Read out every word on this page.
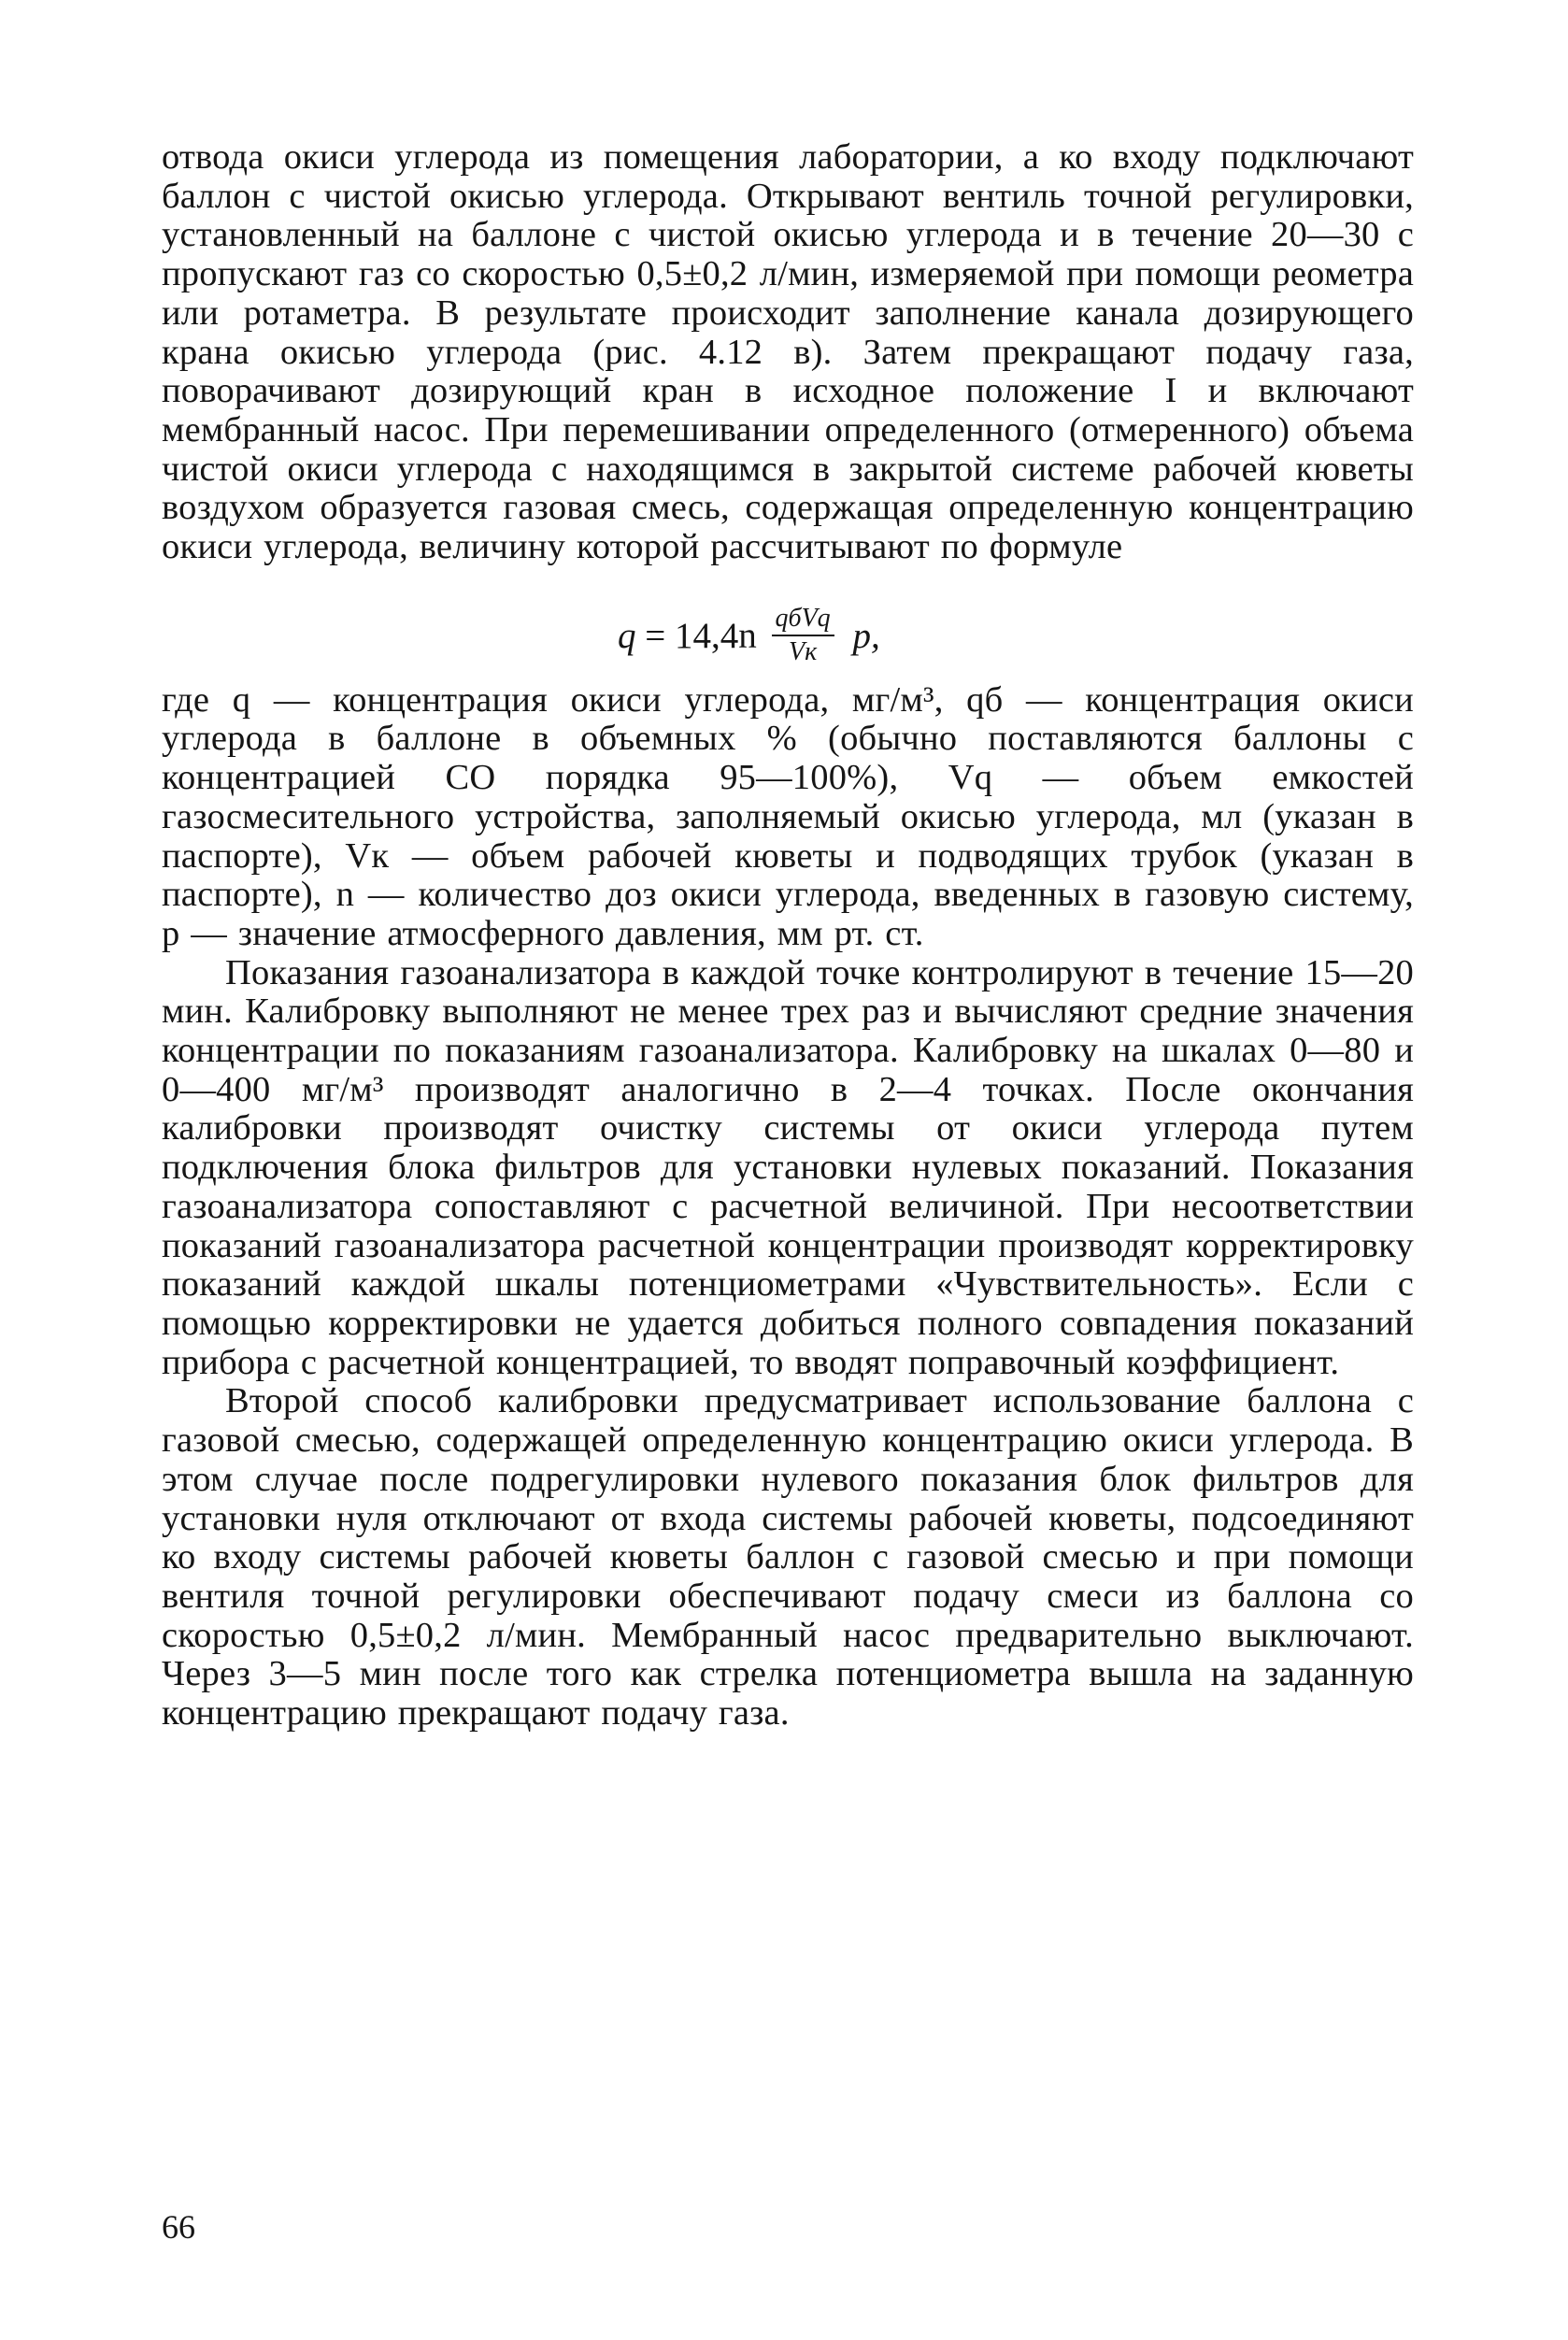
отвода окиси углерода из помещения лаборатории, а ко входу подключают баллон с чистой окисью углерода. Открывают вентиль точной регулировки, установленный на баллоне с чистой окисью углерода и в течение 20—30 с пропускают газ со скоростью 0,5±0,2 л/мин, измеряемой при помощи реометра или ротаметра. В результате происходит заполнение канала дозирующего крана окисью углерода (рис. 4.12 в). Затем прекращают подачу газа, поворачивают дозирующий кран в исходное положение I и включают мембранный насос. При перемешивании определенного (отмеренного) объема чистой окиси углерода с находящимся в закрытой системе рабочей кюветы воздухом образуется газовая смесь, содержащая определенную концентрацию окиси углерода, величину которой рассчитывают по формуле

$q = 14,4n \frac{\text{qбVq}}{Vк} p$,

где q — концентрация окиси углерода, мг/м³, qб — концентрация окиси углерода в баллоне в объемных % (обычно поставляются баллоны с концентрацией СО порядка 95—100%), Vq — объем емкостей газосмесительного устройства, заполняемый окисью углерода, мл (указан в паспорте), Vк — объем рабочей кюветы и подводящих трубок (указан в паспорте), n — количество доз окиси углерода, введенных в газовую систему, p — значение атмосферного давления, мм рт. ст.

Показания газоанализатора в каждой точке контролируют в течение 15—20 мин. Калибровку выполняют не менее трех раз и вычисляют средние значения концентрации по показаниям газоанализатора. Калибровку на шкалах 0—80 и 0—400 мг/м³ производят аналогично в 2—4 точках. После окончания калибровки производят очистку системы от окиси углерода путем подключения блока фильтров для установки нулевых показаний. Показания газоанализатора сопоставляют с расчетной величиной. При несоответствии показаний газоанализатора расчетной концентрации производят корректировку показаний каждой шкалы потенциометрами «Чувствительность». Если с помощью корректировки не удается добиться полного совпадения показаний прибора с расчетной концентрацией, то вводят поправочный коэффициент.

Второй способ калибровки предусматривает использование баллона с газовой смесью, содержащей определенную концентрацию окиси углерода. В этом случае после подрегулировки нулевого показания блок фильтров для установки нуля отключают от входа системы рабочей кюветы, подсоединяют ко входу системы рабочей кюветы баллон с газовой смесью и при помощи вентиля точной регулировки обеспечивают подачу смеси из баллона со скоростью 0,5±0,2 л/мин. Мембранный насос предварительно выключают. Через 3—5 мин после того как стрелка потенциометра вышла на заданную концентрацию прекращают подачу газа.

66
